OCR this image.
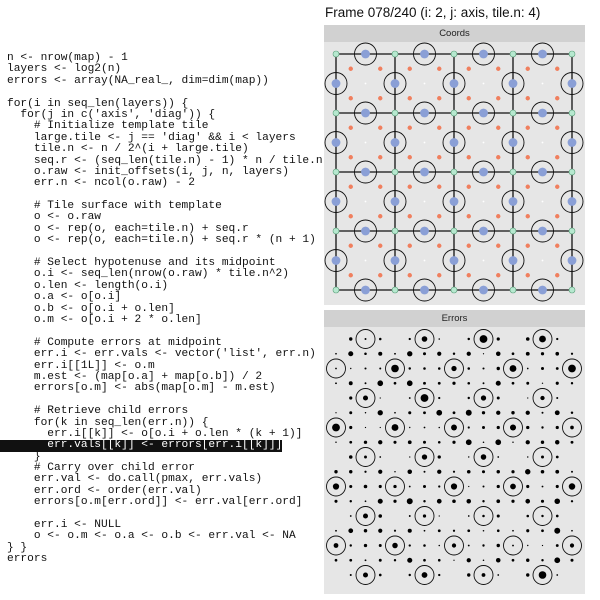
Frame 078/240 (i: 2, j: axis, tile.n: 4)
n <- nrow(map) - 1
layers <- log2(n)
errors <- array(NA_real_, dim=dim(map))
for(i in seq_len(layers)) {
for(j in c('axis', 'diag')) {
# Initialize template tile
large.tile <- j == 'diag' && i < layers
tile.n <- n / 2^(i + large.tile)
seq.r <- (seq_len(tile.n) - 1) * n / tile.n
o.raw <- init_offsets(i, j, n, layers)
err.n <- ncol(o.raw) - 2
# Tile surface with template
o <- o.raw
o <- rep(o, each=tile.n) + seq.r
o <- rep(o, each=tile.n) + seq.r * (n + 1)
# Select hypotenuse and its midpoint
o.i <- seq_len(nrow(o.raw) * tile.n^2)
o.len <- length(o.i)
o.a <- o[o.i]
o.b <- o[o.i + o.len]
o.m <- o[o.i + 2 * o.len]
# Compute errors at midpoint
err.i <- err.vals <- vector('list', err.n)
err.i[[1L]] <- o.m
m.est <- (map[o.a] + map[o.b]) / 2
errors[o.m] <- abs(map[o.m] - m.est)
# Retrieve child errors
for(k in seq_len(err.n)) {
err.i[[k]] <- o[o.i + o.len * (k + 1)]
err.vals[[k]] <- errors[err.i[[k]]]
}
# Carry over child error
err.val <- do.call(pmax, err.vals)
err.ord <- order(err.val)
errors[o.m[err.ord]] <- err.val[err.ord]
err.i <- NULL
o <- o.m <- o.a <- o.b <- err.val <- NA
} }
errors
Coords
Errors
